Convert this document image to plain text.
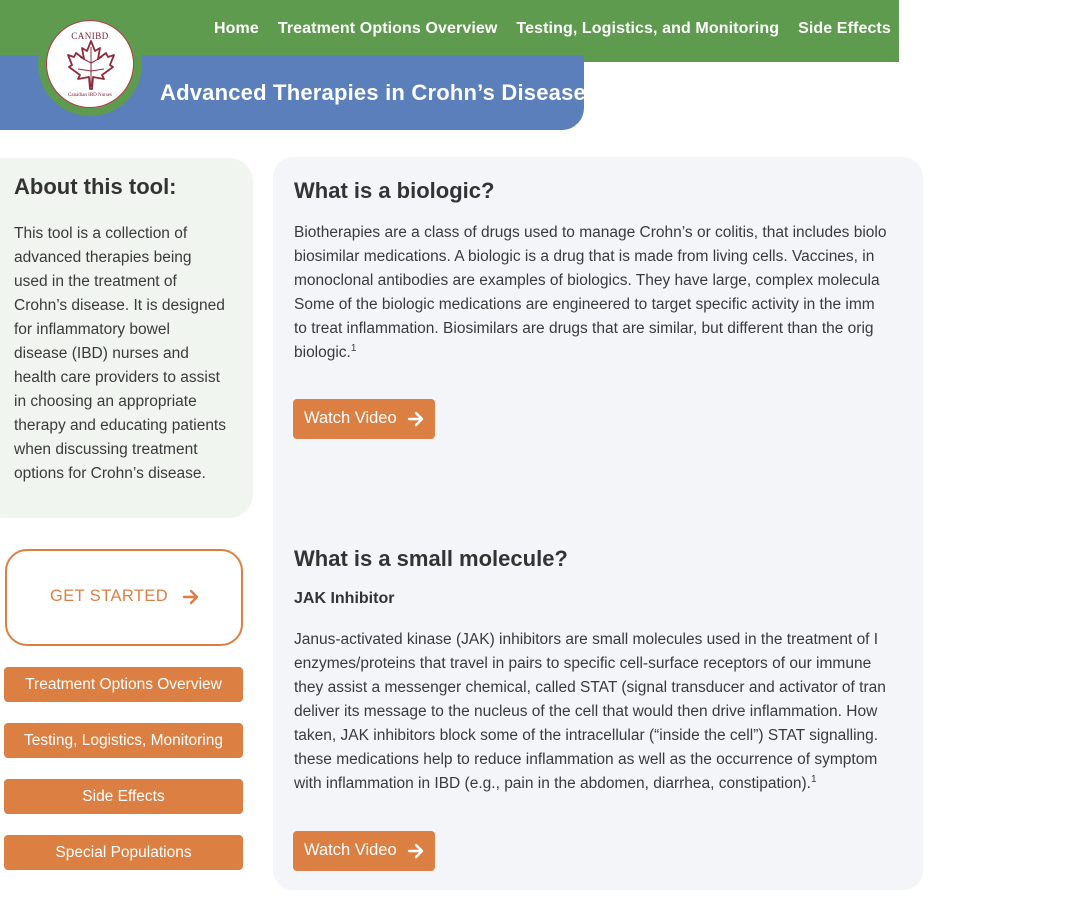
Home Treatment Options Overview Testing, Logistics, and Monitoring Side Effects Special Populations
Advanced Therapies in Crohn’s Disease
CANIBD
Canadian IBD Nurses
About this tool:

This tool is a collection of
advanced therapies being
used in the treatment of
Crohn’s disease. It is designed
for inflammatory bowel
disease (IBD) nurses and
health care providers to assist
in choosing an appropriate
therapy and educating patients
when discussing treatment
options for Crohn’s disease.

GET STARTED
Treatment Options Overview
Testing, Logistics, Monitoring
Side Effects
Special Populations
What is a biologic?

Biotherapies are a class of drugs used to manage Crohn’s or colitis, that includes biolo
biosimilar medications. A biologic is a drug that is made from living cells. Vaccines, in
monoclonal antibodies are examples of biologics. They have large, complex molecula
Some of the biologic medications are engineered to target specific activity in the imm
to treat inflammation. Biosimilars are drugs that are similar, but different than the orig
biologic.$^1$

Watch Video
What is a small molecule?
JAK Inhibitor

Janus-activated kinase (JAK) inhibitors are small molecules used in the treatment of I
enzymes/proteins that travel in pairs to specific cell-surface receptors of our immune
they assist a messenger chemical, called STAT (signal transducer and activator of tran
deliver its message to the nucleus of the cell that would then drive inflammation. How
taken, JAK inhibitors block some of the intracellular (“inside the cell”) STAT signalling.
these medications help to reduce inflammation as well as the occurrence of symptom
with inflammation in IBD (e.g., pain in the abdomen, diarrhea, constipation).$^1$

Watch Video
